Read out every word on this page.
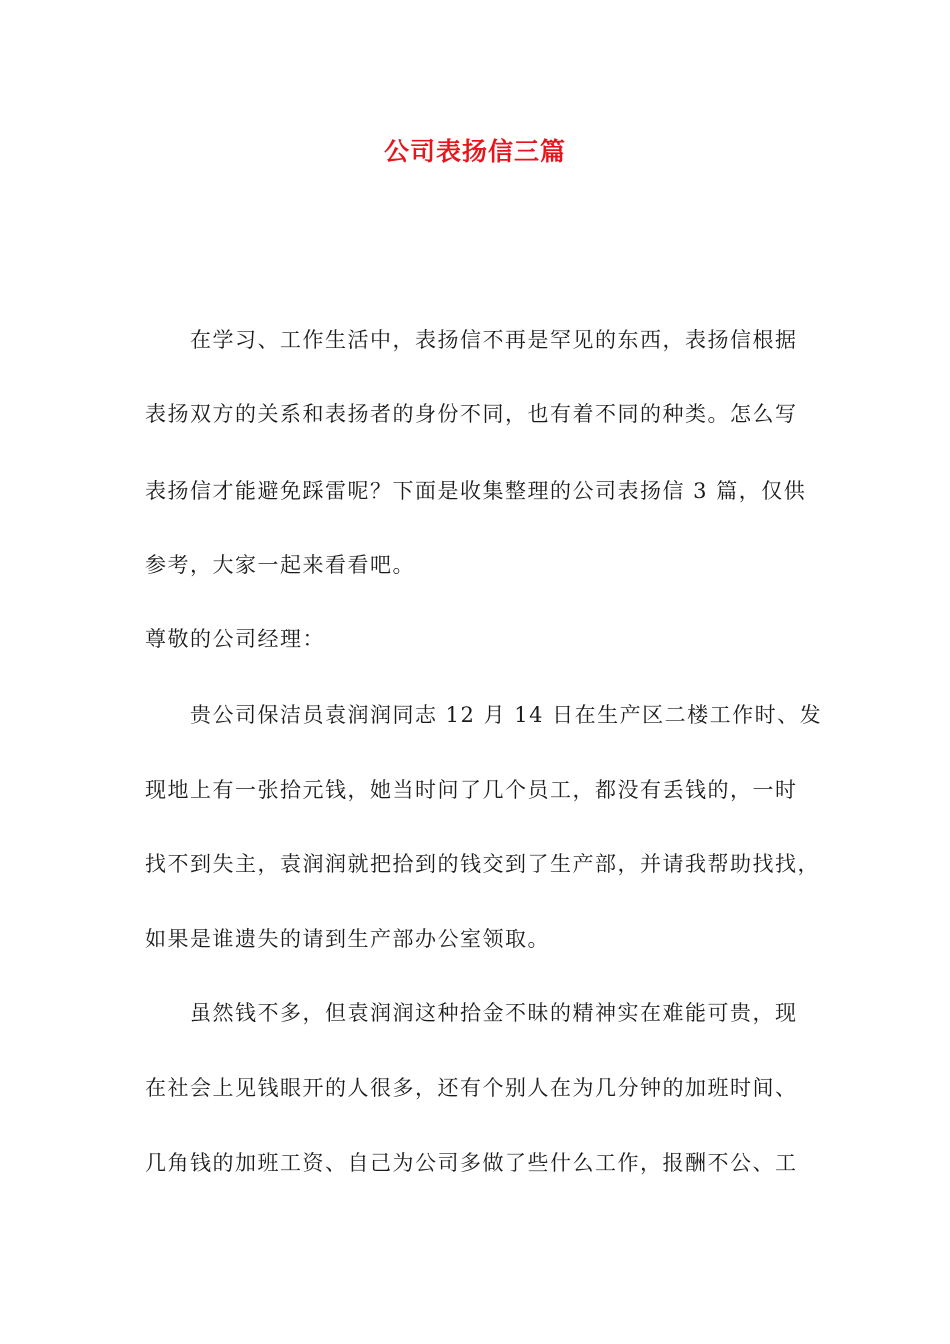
公司表扬信三篇
在学习、工作生活中，表扬信不再是罕见的东西，表扬信根据
表扬双方的关系和表扬者的身份不同，也有着不同的种类。怎么写
表扬信才能避免踩雷呢？下面是收集整理的公司表扬信 3 篇，仅供
参考，大家一起来看看吧。
尊敬的公司经理：
贵公司保洁员袁润润同志 12 月 14 日在生产区二楼工作时、发
现地上有一张拾元钱，她当时问了几个员工，都没有丢钱的，一时
找不到失主，袁润润就把拾到的钱交到了生产部，并请我帮助找找，
如果是谁遗失的请到生产部办公室领取。
虽然钱不多，但袁润润这种拾金不昧的精神实在难能可贵，现
在社会上见钱眼开的人很多，还有个别人在为几分钟的加班时间、
几角钱的加班工资、自己为公司多做了些什么工作，报酬不公、工
